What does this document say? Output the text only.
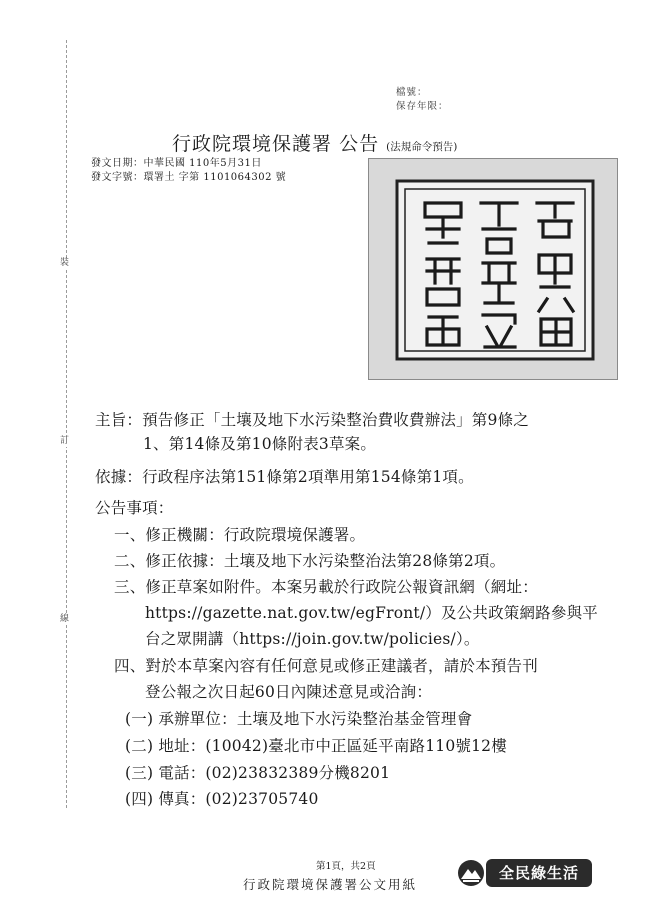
裝
訂
線
檔號：
保存年限：
行政院環境保護署 公告 (法規命令預告)
發文日期：中華民國 110年5月31日
發文字號：環署土 字第 1101064302 號
主旨：預告修正「土壤及地下水污染整治費收費辦法」第9條之
1、第14條及第10條附表3草案。
依據：行政程序法第151條第2項準用第154條第1項。
公告事項：
一、修正機關：行政院環境保護署。
二、修正依據：土壤及地下水污染整治法第28條第2項。
三、修正草案如附件。本案另載於行政院公報資訊網（網址：
https://gazette.nat.gov.tw/egFront/）及公共政策網路參與平
台之眾開講（https://join.gov.tw/policies/）。
四、對於本草案內容有任何意見或修正建議者，請於本預告刊
登公報之次日起60日內陳述意見或洽詢：
(一) 承辦單位：土壤及地下水污染整治基金管理會
(二) 地址：(10042)臺北市中正區延平南路110號12樓
(三) 電話：(02)23832389分機8201
(四) 傳真：(02)23705740
第1頁，共2頁
行政院環境保護署公文用紙
全民綠生活
